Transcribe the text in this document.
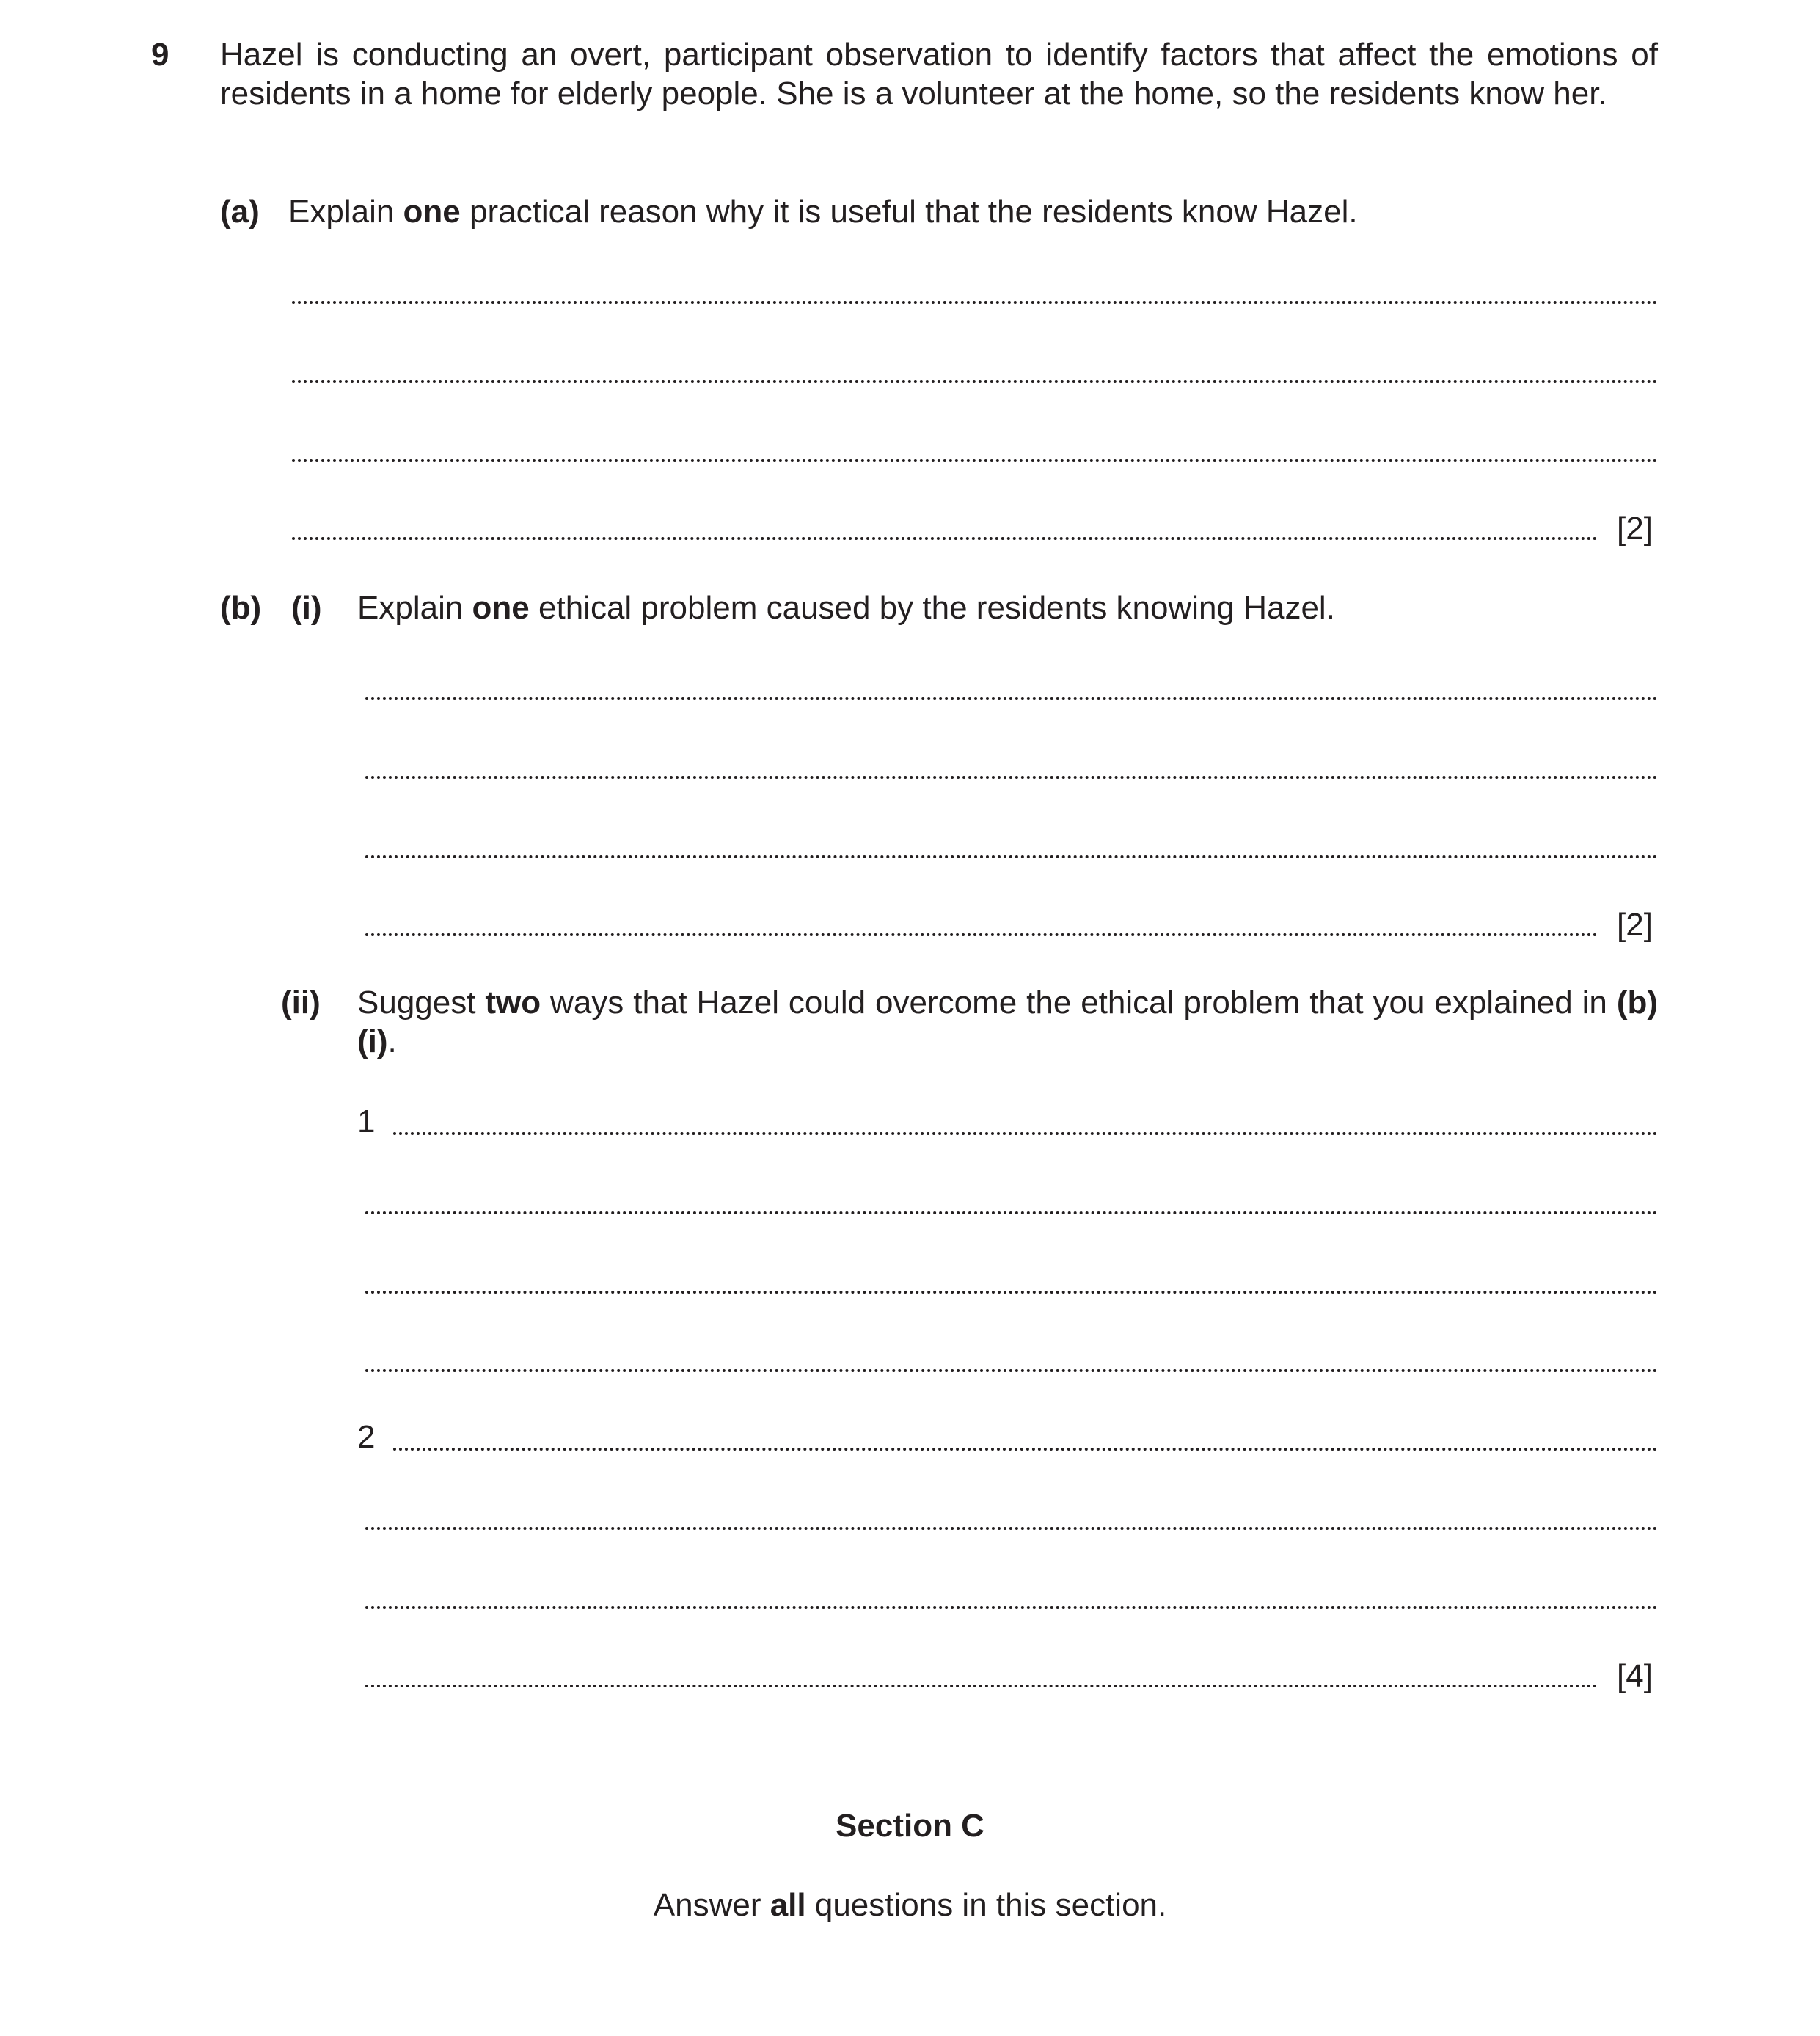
9 Hazel is conducting an overt, participant observation to identify factors that affect the emotions of residents in a home for elderly people. She is a volunteer at the home, so the residents know her.
(a) Explain one practical reason why it is useful that the residents know Hazel.
[2]
(b) (i) Explain one ethical problem caused by the residents knowing Hazel.
[2]
(ii) Suggest two ways that Hazel could overcome the ethical problem that you explained in (b)(i).
1
2
[4]
Section C
Answer all questions in this section.
